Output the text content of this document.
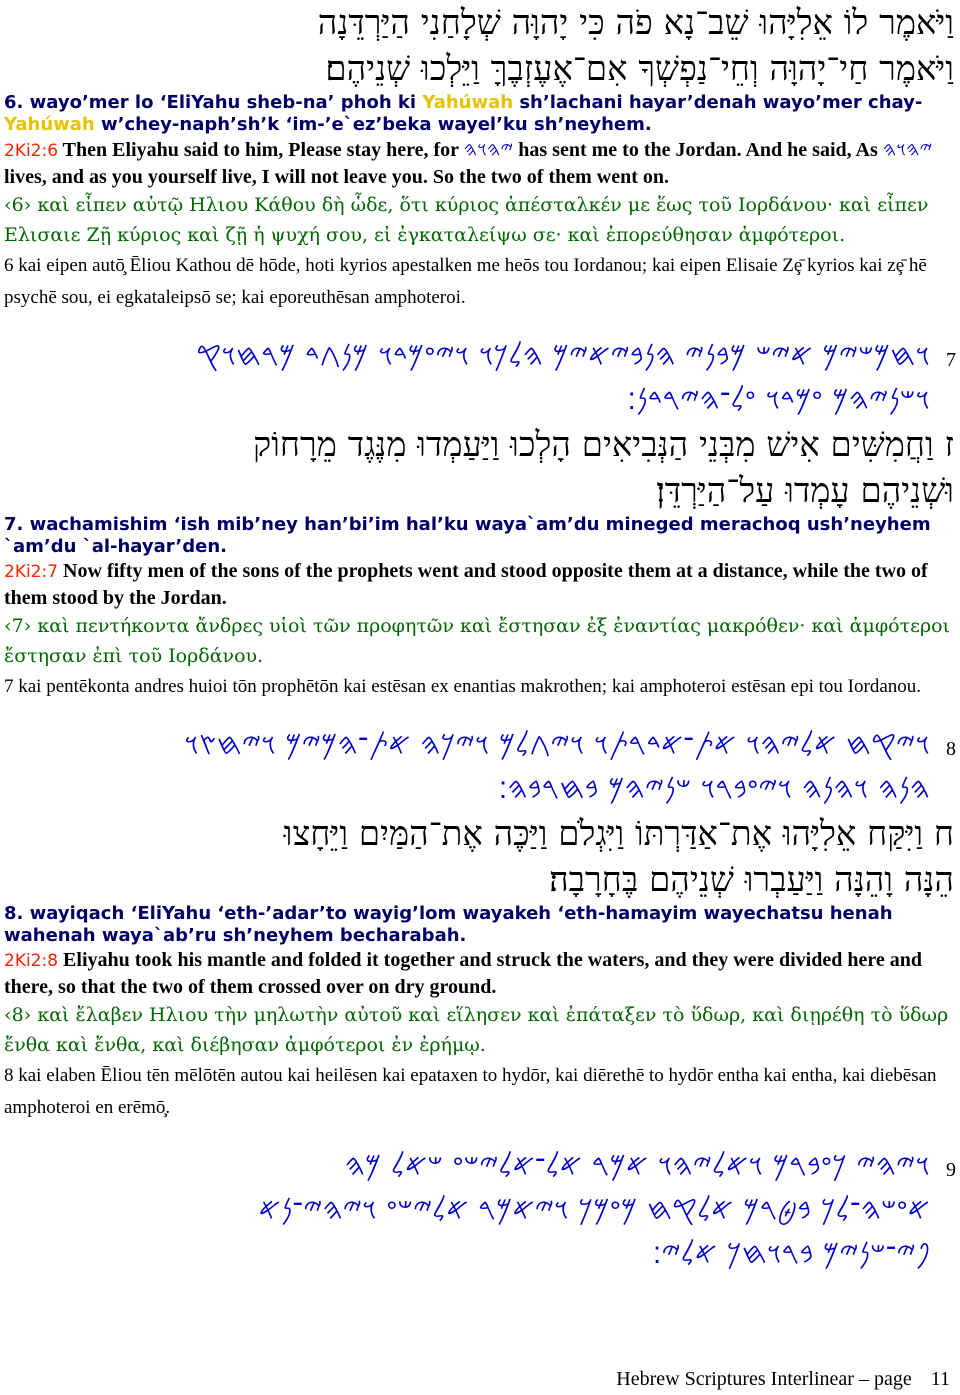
וַיֹּאמֶר לוֹ אֵלִיָּהוּ שֵׁב־נָא פֹה כִּי יָהוָּה שְׁלָחַנִי הַיַּרְדֵּנָה
וַיֹּאמֶר חַי־יָהוָּה וְחֵי־נַפְשְׁךָ אִם־אֶעֶזְבֶךָּ וַיֵּלְכוּ שְׁנֵיהֶם׃
6. wayo’mer lo ‘EliYahu sheb-na’ phoh ki Yahúwah sh’lachani hayar’denah wayo’mer chay-Yahúwah w’chey-naph’sh’k ‘im-’e`ez’beka wayel’ku sh’neyhem.
2Ki2:6 Then Eliyahu said to him, Please stay here, for 𐤉𐤄𐤅𐤄 has sent me to the Jordan. And he said, As 𐤉𐤄𐤅𐤄 lives, and as you yourself live, I will not leave you. So the two of them went on.
‹6› καὶ εἶπεν αὐτῷ Ηλιου Κάθου δὴ ὧδε, ὅτι κύριος ἀπέσταλκέν με ἕως τοῦ Ιορδάνου· καὶ εἶπεν Ελισαιε Ζῇ κύριος καὶ ζῇ ἡ ψυχή σου, εἰ ἐγκαταλείψω σε· καὶ ἐπορεύθησαν ἀμφότεροι.
6 kai eipen autō̧ Ēliou Kathou dē hōde, hoti kyrios apestalken me heōs tou Iordanou; kai eipen Elisaie Zȩ̄ kyrios kai zȩ̄ hē psychē sou, ei egkataleipsō se; kai eporeuthēsan amphoteroi.
𐤅𐤇𐤌𐤔𐤉𐤌 𐤀𐤉𐤔 𐤌𐤁𐤍𐤉 𐤄𐤍𐤁𐤉𐤀𐤉𐤌 𐤄𐤋𐤊𐤅 𐤅𐤉𐤏𐤌𐤃𐤅 𐤌𐤍𐤂𐤃 𐤌𐤓𐤇𐤅𐤒 7
𐤅𐤔𐤍𐤉𐤄𐤌 𐤏𐤌𐤃𐤅 𐤏𐤋־𐤄𐤉𐤓𐤃𐤍׃
ז וַחֲמִשִּׁים אִישׁ מִבְּנֵי הַנְּבִיאִים הָלְכוּ וַיַּעַמְדוּ מִנֶּגֶד מֵרָחוֹק
וּשְׁנֵיהֶם עָמְדוּ עַל־הַיַּרְדֵּן׃
7. wachamishim ‘ish mib’ney han’bi’im hal’ku waya`am’du mineged merachoq ush’neyhem `am’du `al-hayar’den.
2Ki2:7 Now fifty men of the sons of the prophets went and stood opposite them at a distance, while the two of them stood by the Jordan.
‹7› καὶ πεντήκοντα ἄνδρες υἱοὶ τῶν προφητῶν καὶ ἔστησαν ἐξ ἐναντίας μακρόθεν· καὶ ἀμφότεροι ἔστησαν ἐπὶ τοῦ Ιορδάνου.
7 kai pentēkonta andres huioi tōn prophētōn kai estēsan ex enantias makrothen; kai amphoteroi estēsan epi tou Iordanou.
𐤅𐤉𐤒𐤇 𐤀𐤋𐤉𐤄𐤅 𐤀𐤕־𐤀𐤃𐤓𐤕𐤅 𐤅𐤉𐤂𐤋𐤌 𐤅𐤉𐤊𐤄 𐤀𐤕־𐤄𐤌𐤉𐤌 𐤅𐤉𐤇𐤑𐤅 8
𐤄𐤍𐤄 𐤅𐤄𐤍𐤄 𐤅𐤉𐤏𐤁𐤓𐤅 𐤔𐤍𐤉𐤄𐤌 𐤁𐤇𐤓𐤁𐤄׃
ח וַיִּקַּח אֵלִיָּהוּ אֶת־אַדַּרְתּוֹ וַיִּגְלֹם וַיַּכֶּה אֶת־הַמַּיִם וַיֵּחָצוּ
הֵנָּה וָהֵנָּה וַיַּעַבְרוּ שְׁנֵיהֶם בֶּחָרָבָה׃
8. wayiqach ‘EliYahu ‘eth-’adar’to wayig’lom wayakeh ‘eth-hamayim wayechatsu henah wahenah waya`ab’ru sh’neyhem becharabah.
2Ki2:8 Eliyahu took his mantle and folded it together and struck the waters, and they were divided here and there, so that the two of them crossed over on dry ground.
‹8› καὶ ἔλαβεν Ηλιου τὴν μηλωτὴν αὐτοῦ καὶ εἵλησεν καὶ ἐπάταξεν τὸ ὕδωρ, καὶ διῃρέθη τὸ ὕδωρ ἔνθα καὶ ἔνθα, καὶ διέβησαν ἀμφότεροι ἐν ἐρήμῳ.
8 kai elaben Ēliou tēn mēlōtēn autou kai heilēsen kai epataxen to hydōr, kai diērethē to hydōr entha kai entha, kai diebēsan amphoteroi en erēmō̧.
𐤅𐤉𐤄𐤉 𐤊𐤏𐤁𐤓𐤌 𐤅𐤀𐤋𐤉𐤄𐤅 𐤀𐤌𐤓 𐤀𐤋־𐤀𐤋𐤉𐤔𐤏 𐤔𐤀𐤋 𐤌𐤄 9
𐤀𐤏𐤔𐤄־𐤋𐤊 𐤁𐤈𐤓𐤌 𐤀𐤋𐤒𐤇 𐤌𐤏𐤌𐤊 𐤅𐤉𐤀𐤌𐤓 𐤀𐤋𐤉𐤔𐤏 𐤅𐤉𐤄𐤉־𐤍𐤀
𐤐𐤉־𐤔𐤍𐤉𐤌 𐤁𐤓𐤅𐤇𐤊 𐤀𐤋𐤉׃
Hebrew Scriptures Interlinear – page 11
